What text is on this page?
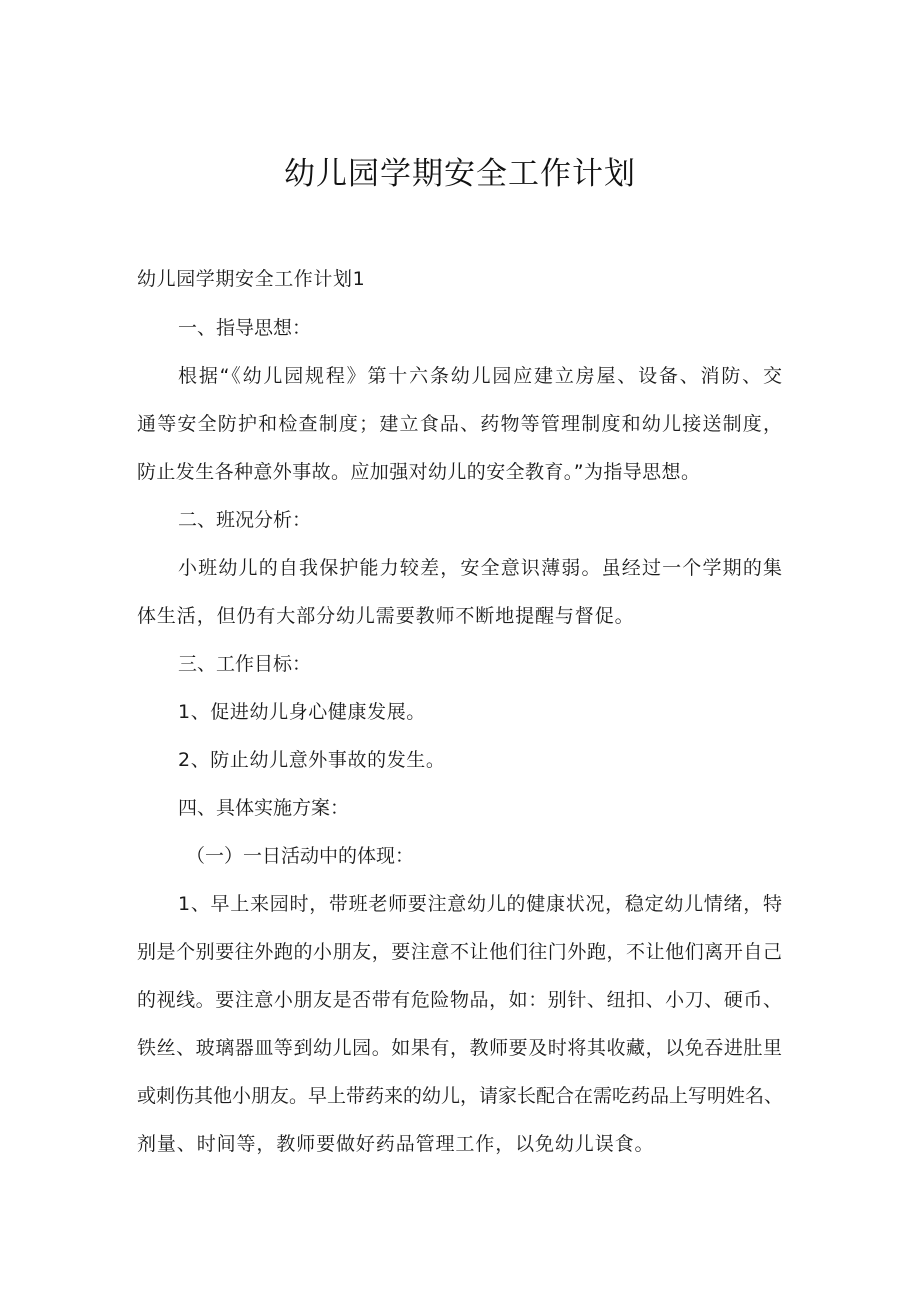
幼儿园学期安全工作计划
幼儿园学期安全工作计划1
一、指导思想：
根据“《幼儿园规程》第十六条幼儿园应建立房屋、设备、消防、交
通等安全防护和检查制度；建立食品、药物等管理制度和幼儿接送制度，
防止发生各种意外事故。应加强对幼儿的安全教育。”为指导思想。
二、班况分析：
小班幼儿的自我保护能力较差，安全意识薄弱。虽经过一个学期的集
体生活，但仍有大部分幼儿需要教师不断地提醒与督促。
三、工作目标：
1、促进幼儿身心健康发展。
2、防止幼儿意外事故的发生。
四、具体实施方案：
（一）一日活动中的体现：
1、早上来园时，带班老师要注意幼儿的健康状况，稳定幼儿情绪，特
别是个别要往外跑的小朋友，要注意不让他们往门外跑，不让他们离开自己
的视线。要注意小朋友是否带有危险物品，如：别针、纽扣、小刀、硬币、
铁丝、玻璃器皿等到幼儿园。如果有，教师要及时将其收藏，以免吞进肚里
或刺伤其他小朋友。早上带药来的幼儿，请家长配合在需吃药品上写明姓名、
剂量、时间等，教师要做好药品管理工作，以免幼儿误食。
